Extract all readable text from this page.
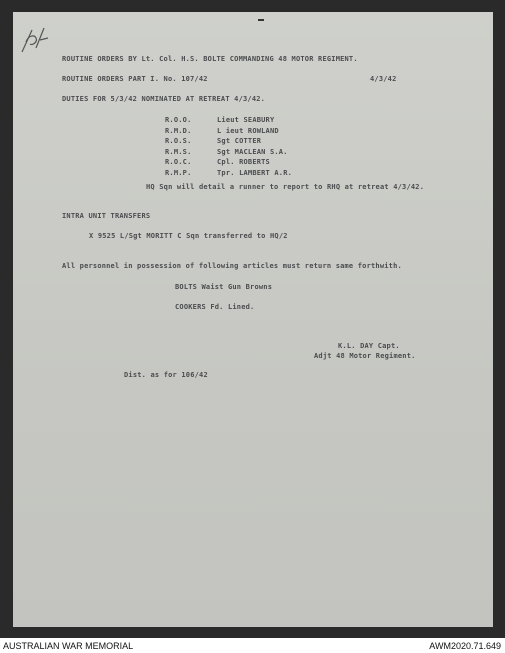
ROUTINE ORDERS BY Lt. Col. H.S. BOLTE COMMANDING 48 MOTOR REGIMENT.
ROUTINE ORDERS PART I. No. 107/42	4/3/42
DUTIES FOR 5/3/42 NOMINATED AT RETREAT 4/3/42.
R.O.O.
R.M.D.
R.O.S.
R.M.S.
R.O.C.
R.M.P.
Lieut SEABURY
L ieut ROWLAND
Sgt COTTER
Sgt MACLEAN S.A.
Cpl. ROBERTS
Tpr. LAMBERT A.R.
HQ Sqn will detail a runner to report to RHQ at retreat 4/3/42.
INTRA UNIT TRANSFERS
X 9525 L/Sgt MORITT C Sqn transferred to HQ/2
All personnel in possession of following articles must return same forthwith.
BOLTS Waist Gun Browns
COOKERS Fd. Lined.
K.L. DAY Capt.
Adjt 48 Motor Regiment.
Dist. as for 106/42
AUSTRALIAN WAR MEMORIAL	AWM2020.71.649
